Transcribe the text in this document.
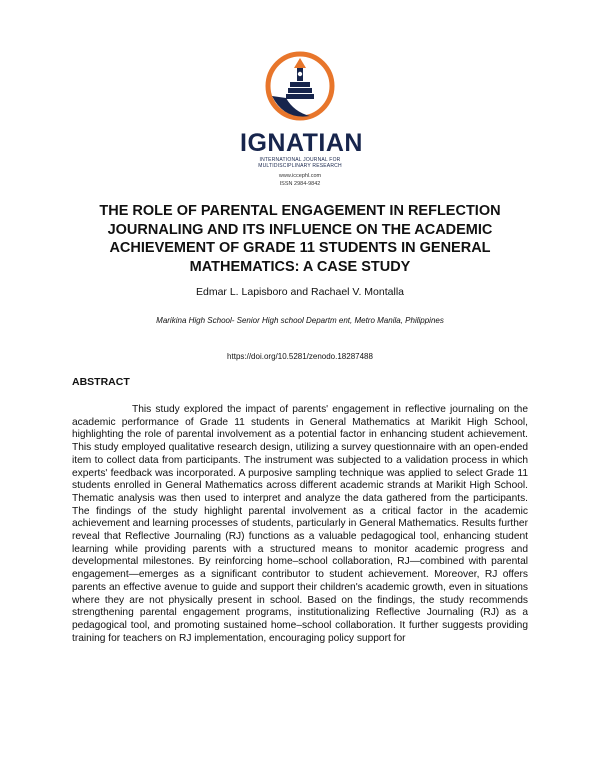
IGNATIAN
INTERNATIONAL JOURNAL FOR
MULTIDISCIPLINARY RESEARCH
www.iccephl.com
ISSN 2984-9842
THE ROLE OF PARENTAL ENGAGEMENT IN REFLECTION JOURNALING AND ITS INFLUENCE ON THE ACADEMIC ACHIEVEMENT OF GRADE 11 STUDENTS IN GENERAL MATHEMATICS: A CASE STUDY
Edmar L. Lapisboro and Rachael V. Montalla
Marikina High School- Senior High school Departm ent, Metro Manila, Philippines
https://doi.org/10.5281/zenodo.18287488
ABSTRACT

This study explored the impact of parents' engagement in reflective journaling on the academic performance of Grade 11 students in General Mathematics at Marikit High School, highlighting the role of parental involvement as a potential factor in enhancing student achievement. This study employed qualitative research design, utilizing a survey questionnaire with an open-ended item to collect data from participants. The instrument was subjected to a validation process in which experts' feedback was incorporated. A purposive sampling technique was applied to select Grade 11 students enrolled in General Mathematics across different academic strands at Marikit High School. Thematic analysis was then used to interpret and analyze the data gathered from the participants. The findings of the study highlight parental involvement as a critical factor in the academic achievement and learning processes of students, particularly in General Mathematics. Results further reveal that Reflective Journaling (RJ) functions as a valuable pedagogical tool, enhancing student learning while providing parents with a structured means to monitor academic progress and developmental milestones. By reinforcing home–school collaboration, RJ—combined with parental engagement—emerges as a significant contributor to student achievement. Moreover, RJ offers parents an effective avenue to guide and support their children's academic growth, even in situations where they are not physically present in school. Based on the findings, the study recommends strengthening parental engagement programs, institutionalizing Reflective Journaling (RJ) as a pedagogical tool, and promoting sustained home–school collaboration. It further suggests providing training for teachers on RJ implementation, encouraging policy support for
